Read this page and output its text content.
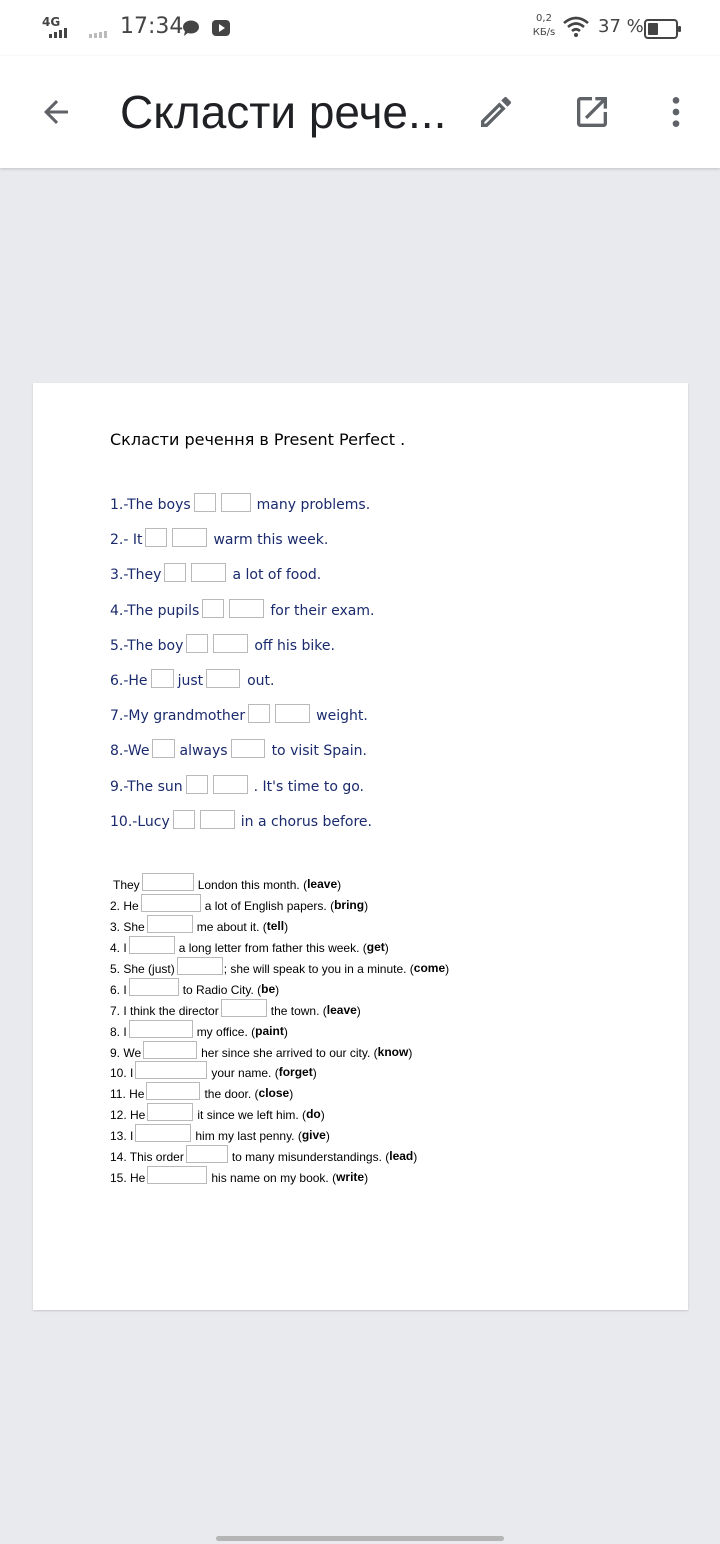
4G	17:34	0,2
КБ/s 37 %
Скласти рече...
Скласти речення в Present Perfect .
1.-The boys	many problems.
2.- It	warm this week.
3.-They	a lot of food.
4.-The pupils	for their exam.
5.-The boy	off his bike.
6.-He just	out.
7.-My grandmother	weight.
8.-We always	to visit Spain.
9.-The sun	. It's time to go.
10.-Lucy	in a chorus before.
They	London this month. ( leave )
2. He	a lot of English papers. ( bring )
3. She	me about it. ( tell )
4. I	a long letter from father this week. ( get )
5. She (just)	; she will speak to you in a minute. ( come )
6. I	to Radio City. ( be )
7. I think the director	the town. ( leave )
8. I	my office. ( paint )
9. We	her since she arrived to our city. ( know )
10. I	your name. ( forget )
11. He	the door. ( close )
12. He	it since we left him. ( do )
13. I	him my last penny. ( give )
14. This order	to many misunderstandings. ( lead )
15. He	his name on my book. ( write )
